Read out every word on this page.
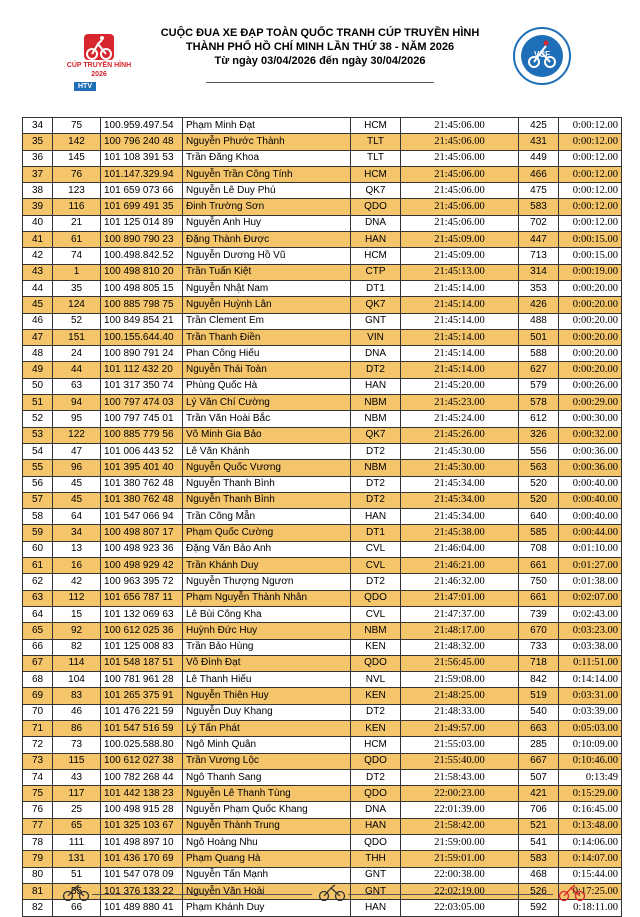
CÚP TRUYỀN HÌNH
2026
HTV
CUỘC ĐUA XE ĐẠP TOÀN QUỐC TRANH CÚP TRUYỀN HÌNH
THÀNH PHỐ HỒ CHÍ MINH LẦN THỨ 38 - NĂM 2026
Từ ngày 03/04/2026 đến ngày 30/04/2026
VCF
34	75	100.959.497.54	Phạm Minh Đạt	HCM	21:45:06.00	425	0:00:12.00
35	142	100 796 240 48	Nguyễn Phước Thành	TLT	21:45:06.00	431	0:00:12.00
36	145	101 108 391 53	Trần Đăng Khoa	TLT	21:45:06.00	449	0:00:12.00
37	76	101.147.329.94	Nguyễn Trần Công Tính	HCM	21:45:06.00	466	0:00:12.00
38	123	101 659 073 66	Nguyễn Lê Duy Phú	QK7	21:45:06.00	475	0:00:12.00
39	116	101 699 491 35	Đinh Trường Sơn	QDO	21:45:06.00	583	0:00:12.00
40	21	101 125 014 89	Nguyễn Anh Huy	DNA	21:45:06.00	702	0:00:12.00
41	61	100 890 790 23	Đặng Thành Được	HAN	21:45:09.00	447	0:00:15.00
42	74	100.498.842.52	Nguyễn Dương Hồ Vũ	HCM	21:45:09.00	713	0:00:15.00
43	1	100 498 810 20	Trần Tuấn Kiệt	CTP	21:45:13.00	314	0:00:19.00
44	35	100 498 805 15	Nguyễn Nhật Nam	DT1	21:45:14.00	353	0:00:20.00
45	124	100 885 798 75	Nguyễn Huỳnh Lân	QK7	21:45:14.00	426	0:00:20.00
46	52	100 849 854 21	Trần Clement Em	GNT	21:45:14.00	488	0:00:20.00
47	151	100.155.644.40	Trần Thanh Điền	VIN	21:45:14.00	501	0:00:20.00
48	24	100 890 791 24	Phan Công Hiếu	DNA	21:45:14.00	588	0:00:20.00
49	44	101 112 432 20	Nguyễn Thái Toàn	DT2	21:45:14.00	627	0:00:20.00
50	63	101 317 350 74	Phùng Quốc Hà	HAN	21:45:20.00	579	0:00:26.00
51	94	100 797 474 03	Lý Văn Chí Cường	NBM	21:45:23.00	578	0:00:29.00
52	95	100 797 745 01	Trần Văn Hoài Bắc	NBM	21:45:24.00	612	0:00:30.00
53	122	100 885 779 56	Võ Minh Gia Bảo	QK7	21:45:26.00	326	0:00:32.00
54	47	101 006 443 52	Lê Văn Khánh	DT2	21:45:30.00	556	0:00:36.00
55	96	101 395 401 40	Nguyễn Quốc Vương	NBM	21:45:30.00	563	0:00:36.00
56	45	101 380 762 48	Nguyễn Thanh Bình	DT2	21:45:34.00	520	0:00:40.00
57	45	101 380 762 48	Nguyễn Thanh Bình	DT2	21:45:34.00	520	0:00:40.00
58	64	101 547 066 94	Trần Công Mẫn	HAN	21:45:34.00	640	0:00:40.00
59	34	100 498 807 17	Phạm Quốc Cường	DT1	21:45:38.00	585	0:00:44.00
60	13	100 498 923 36	Đặng Văn Bảo Anh	CVL	21:46:04.00	708	0:01:10.00
61	16	100 498 929 42	Trần Khánh Duy	CVL	21:46:21.00	661	0:01:27.00
62	42	100 963 395 72	Nguyễn Thượng Ngươn	DT2	21:46:32.00	750	0:01:38.00
63	112	101 656 787 11	Phạm Nguyễn Thành Nhân	QDO	21:47:01.00	661	0:02:07.00
64	15	101 132 069 63	Lê Bùi Công Kha	CVL	21:47:37.00	739	0:02:43.00
65	92	100 612 025 36	Huỳnh Đức Huy	NBM	21:48:17.00	670	0:03:23.00
66	82	101 125 008 83	Trần Bảo Hùng	KEN	21:48:32.00	733	0:03:38.00
67	114	101 548 187 51	Võ Đình Đạt	QDO	21:56:45.00	718	0:11:51.00
68	104	100 781 961 28	Lê Thanh Hiếu	NVL	21:59:08.00	842	0:14:14.00
69	83	101 265 375 91	Nguyễn Thiên Huy	KEN	21:48:25.00	519	0:03:31.00
70	46	101 476 221 59	Nguyễn Duy Khang	DT2	21:48:33.00	540	0:03:39.00
71	86	101 547 516 59	Lý Tấn Phát	KEN	21:49:57.00	663	0:05:03.00
72	73	100.025.588.80	Ngô Minh Quân	HCM	21:55:03.00	285	0:10:09.00
73	115	100 612 027 38	Trần Vương Lộc	QDO	21:55:40.00	667	0:10:46.00
74	43	100 782 268 44	Ngô Thanh Sang	DT2	21:58:43.00	507	0:13:49
75	117	101 442 138 23	Nguyễn Lê Thanh Tùng	QDO	22:00:23.00	421	0:15:29.00
76	25	100 498 915 28	Nguyễn Phạm Quốc Khang	DNA	22:01:39.00	706	0:16:45.00
77	65	101 325 103 67	Nguyễn Thành Trung	HAN	21:58:42.00	521	0:13:48.00
78	111	101 498 897 10	Ngô Hoàng Nhu	QDO	21:59:00.00	541	0:14:06.00
79	131	101 436 170 69	Phạm Quang Hà	THH	21:59:01.00	583	0:14:07.00
80	51	101 547 078 09	Nguyễn Tấn Mạnh	GNT	22:00:38.00	468	0:15:44.00
81	55	101 376 133 22	Nguyễn Văn Hoài	GNT	22:02:19.00	526	0:17:25.00
82	66	101 489 880 41	Phạm Khánh Duy	HAN	22:03:05.00	592	0:18:11.00
